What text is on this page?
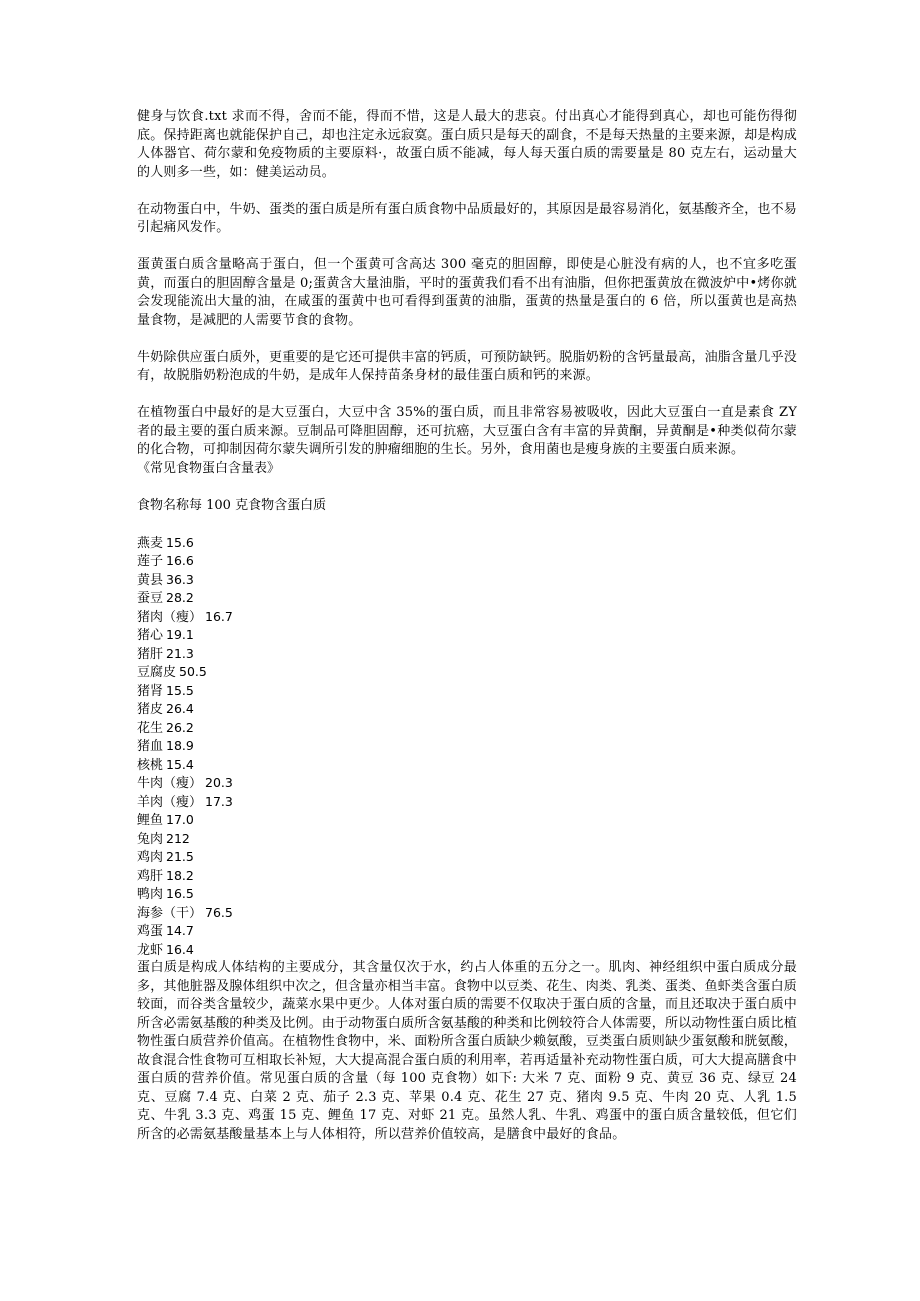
健身与饮食.txt 求而不得，舍而不能，得而不惜，这是人最大的悲哀。付出真心才能得到真心，却也可能伤得彻底。保持距离也就能保护自己，却也注定永远寂寞。蛋白质只是每天的副食，不是每天热量的主要来源，却是构成人体器官、荷尔蒙和免疫物质的主要原料·，故蛋白质不能减，每人每天蛋白质的需要量是 80 克左右，运动量大的人则多一些，如：健美运动员。

在动物蛋白中，牛奶、蛋类的蛋白质是所有蛋白质食物中品质最好的，其原因是最容易消化，氨基酸齐全，也不易引起痛风发作。

蛋黄蛋白质含量略高于蛋白，但一个蛋黄可含高达 300 毫克的胆固醇，即使是心脏没有病的人，也不宜多吃蛋黄，而蛋白的胆固醇含量是 0;蛋黄含大量油脂，平时的蛋黄我们看不出有油脂，但你把蛋黄放在微波炉中•烤你就会发现能流出大量的油，在咸蛋的蛋黄中也可看得到蛋黄的油脂，蛋黄的热量是蛋白的 6 倍，所以蛋黄也是高热量食物，是减肥的人需要节食的食物。

牛奶除供应蛋白质外，更重要的是它还可提供丰富的钙质，可预防缺钙。脱脂奶粉的含钙量最高，油脂含量几乎没有，故脱脂奶粉泡成的牛奶，是成年人保持苗条身材的最佳蛋白质和钙的来源。

在植物蛋白中最好的是大豆蛋白，大豆中含 35%的蛋白质，而且非常容易被吸收，因此大豆蛋白一直是素食 ZY 者的最主要的蛋白质来源。豆制品可降胆固醇，还可抗癌，大豆蛋白含有丰富的异黄酮，异黄酮是•种类似荷尔蒙的化合物，可抑制因荷尔蒙失调所引发的肿瘤细胞的生长。另外，食用菌也是瘦身族的主要蛋白质来源。

《常见食物蛋白含量表》
食物名称每 100 克食物含蛋白质
燕麦 15.6
莲子 16.6
黄县 36.3
蚕豆 28.2
猪肉（瘦） 16.7
猪心 19.1
猪肝 21.3
豆腐皮 50.5
猪肾 15.5
猪皮 26.4
花生 26.2
猪血 18.9
核桃 15.4
牛肉（瘦） 20.3
羊肉（瘦） 17.3
鲤鱼 17.0
兔肉 212
鸡肉 21.5
鸡肝 18.2
鸭肉 16.5
海参（干） 76.5
鸡蛋 14.7
龙虾 16.4

蛋白质是构成人体结构的主要成分，其含量仅次于水，约占人体重的五分之一。肌肉、神经组织中蛋白质成分最多，其他脏器及腺体组织中次之，但含量亦相当丰富。食物中以豆类、花生、肉类、乳类、蛋类、鱼虾类含蛋白质较面，而谷类含量较少，蔬菜水果中更少。人体对蛋白质的需要不仅取决于蛋白质的含量，而且还取决于蛋白质中所含必需氨基酸的种类及比例。由于动物蛋白质所含氨基酸的种类和比例较符合人体需要，所以动物性蛋白质比植物性蛋白质营养价值高。在植物性食物中，米、面粉所含蛋白质缺少赖氨酸，豆类蛋白质则缺少蛋氨酸和胱氨酸，故食混合性食物可互相取长补短，大大提高混合蛋白质的利用率，若再适量补充动物性蛋白质，可大大提高膳食中蛋白质的营养价值。常见蛋白质的含量（每 100 克食物）如下: 大米 7 克、面粉 9 克、黄豆 36 克、绿豆 24 克、豆腐 7.4 克、白菜 2 克、茄子 2.3 克、苹果 0.4 克、花生 27 克、猪肉 9.5 克、牛肉 20 克、人乳 1.5 克、牛乳 3.3 克、鸡蛋 15 克、鲤鱼 17 克、对虾 21 克。虽然人乳、牛乳、鸡蛋中的蛋白质含量较低，但它们所含的必需氨基酸量基本上与人体相符，所以营养价值较高，是膳食中最好的食品。
